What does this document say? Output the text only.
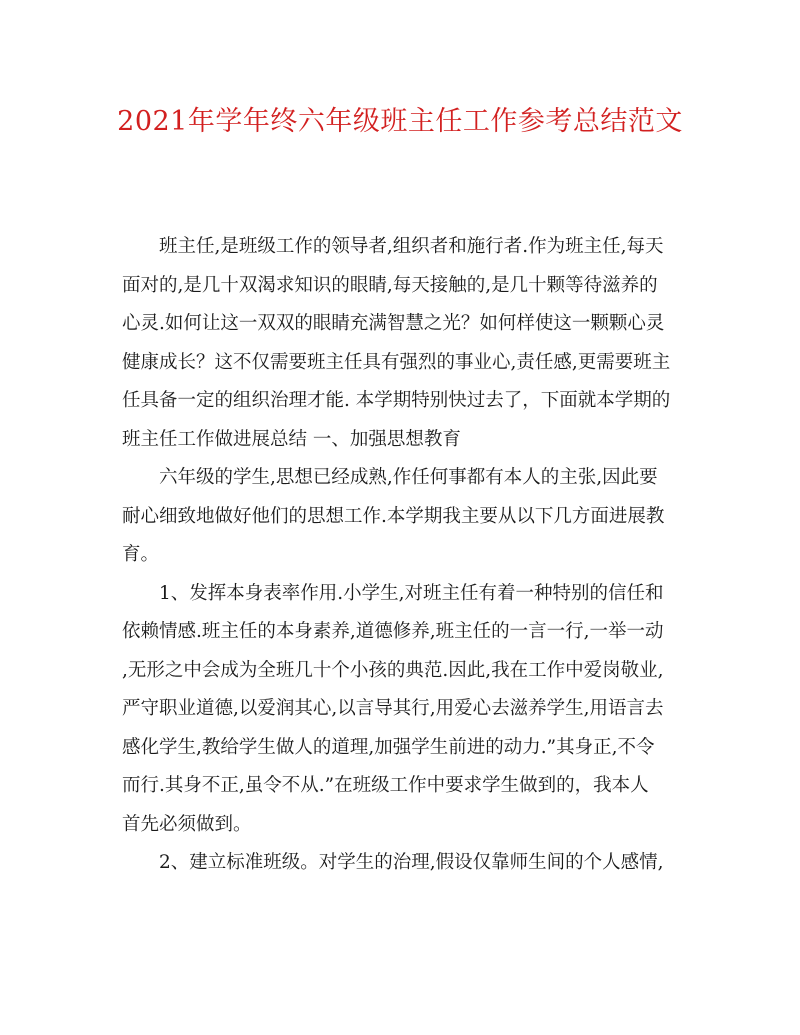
2021年学年终六年级班主任工作参考总结范文

班主任,是班级工作的领导者,组织者和施行者.作为班主任,每天
面对的,是几十双渴求知识的眼睛,每天接触的,是几十颗等待滋养的
心灵.如何让这一双双的眼睛充满智慧之光？如何样使这一颗颗心灵
健康成长？这不仅需要班主任具有强烈的事业心,责任感,更需要班主
任具备一定的组织治理才能. 本学期特别快过去了，下面就本学期的
班主任工作做进展总结 一、加强思想教育

六年级的学生,思想已经成熟,作任何事都有本人的主张,因此要
耐心细致地做好他们的思想工作.本学期我主要从以下几方面进展教
育。

1、发挥本身表率作用.小学生,对班主任有着一种特别的信任和
依赖情感.班主任的本身素养,道德修养,班主任的一言一行,一举一动
,无形之中会成为全班几十个小孩的典范.因此,我在工作中爱岗敬业,
严守职业道德,以爱润其心,以言导其行,用爱心去滋养学生,用语言去
感化学生,教给学生做人的道理,加强学生前进的动力.”其身正,不令
而行.其身不正,虽令不从.”在班级工作中要求学生做到的，我本人
首先必须做到。

2、建立标准班级。对学生的治理,假设仅靠师生间的个人感情,
